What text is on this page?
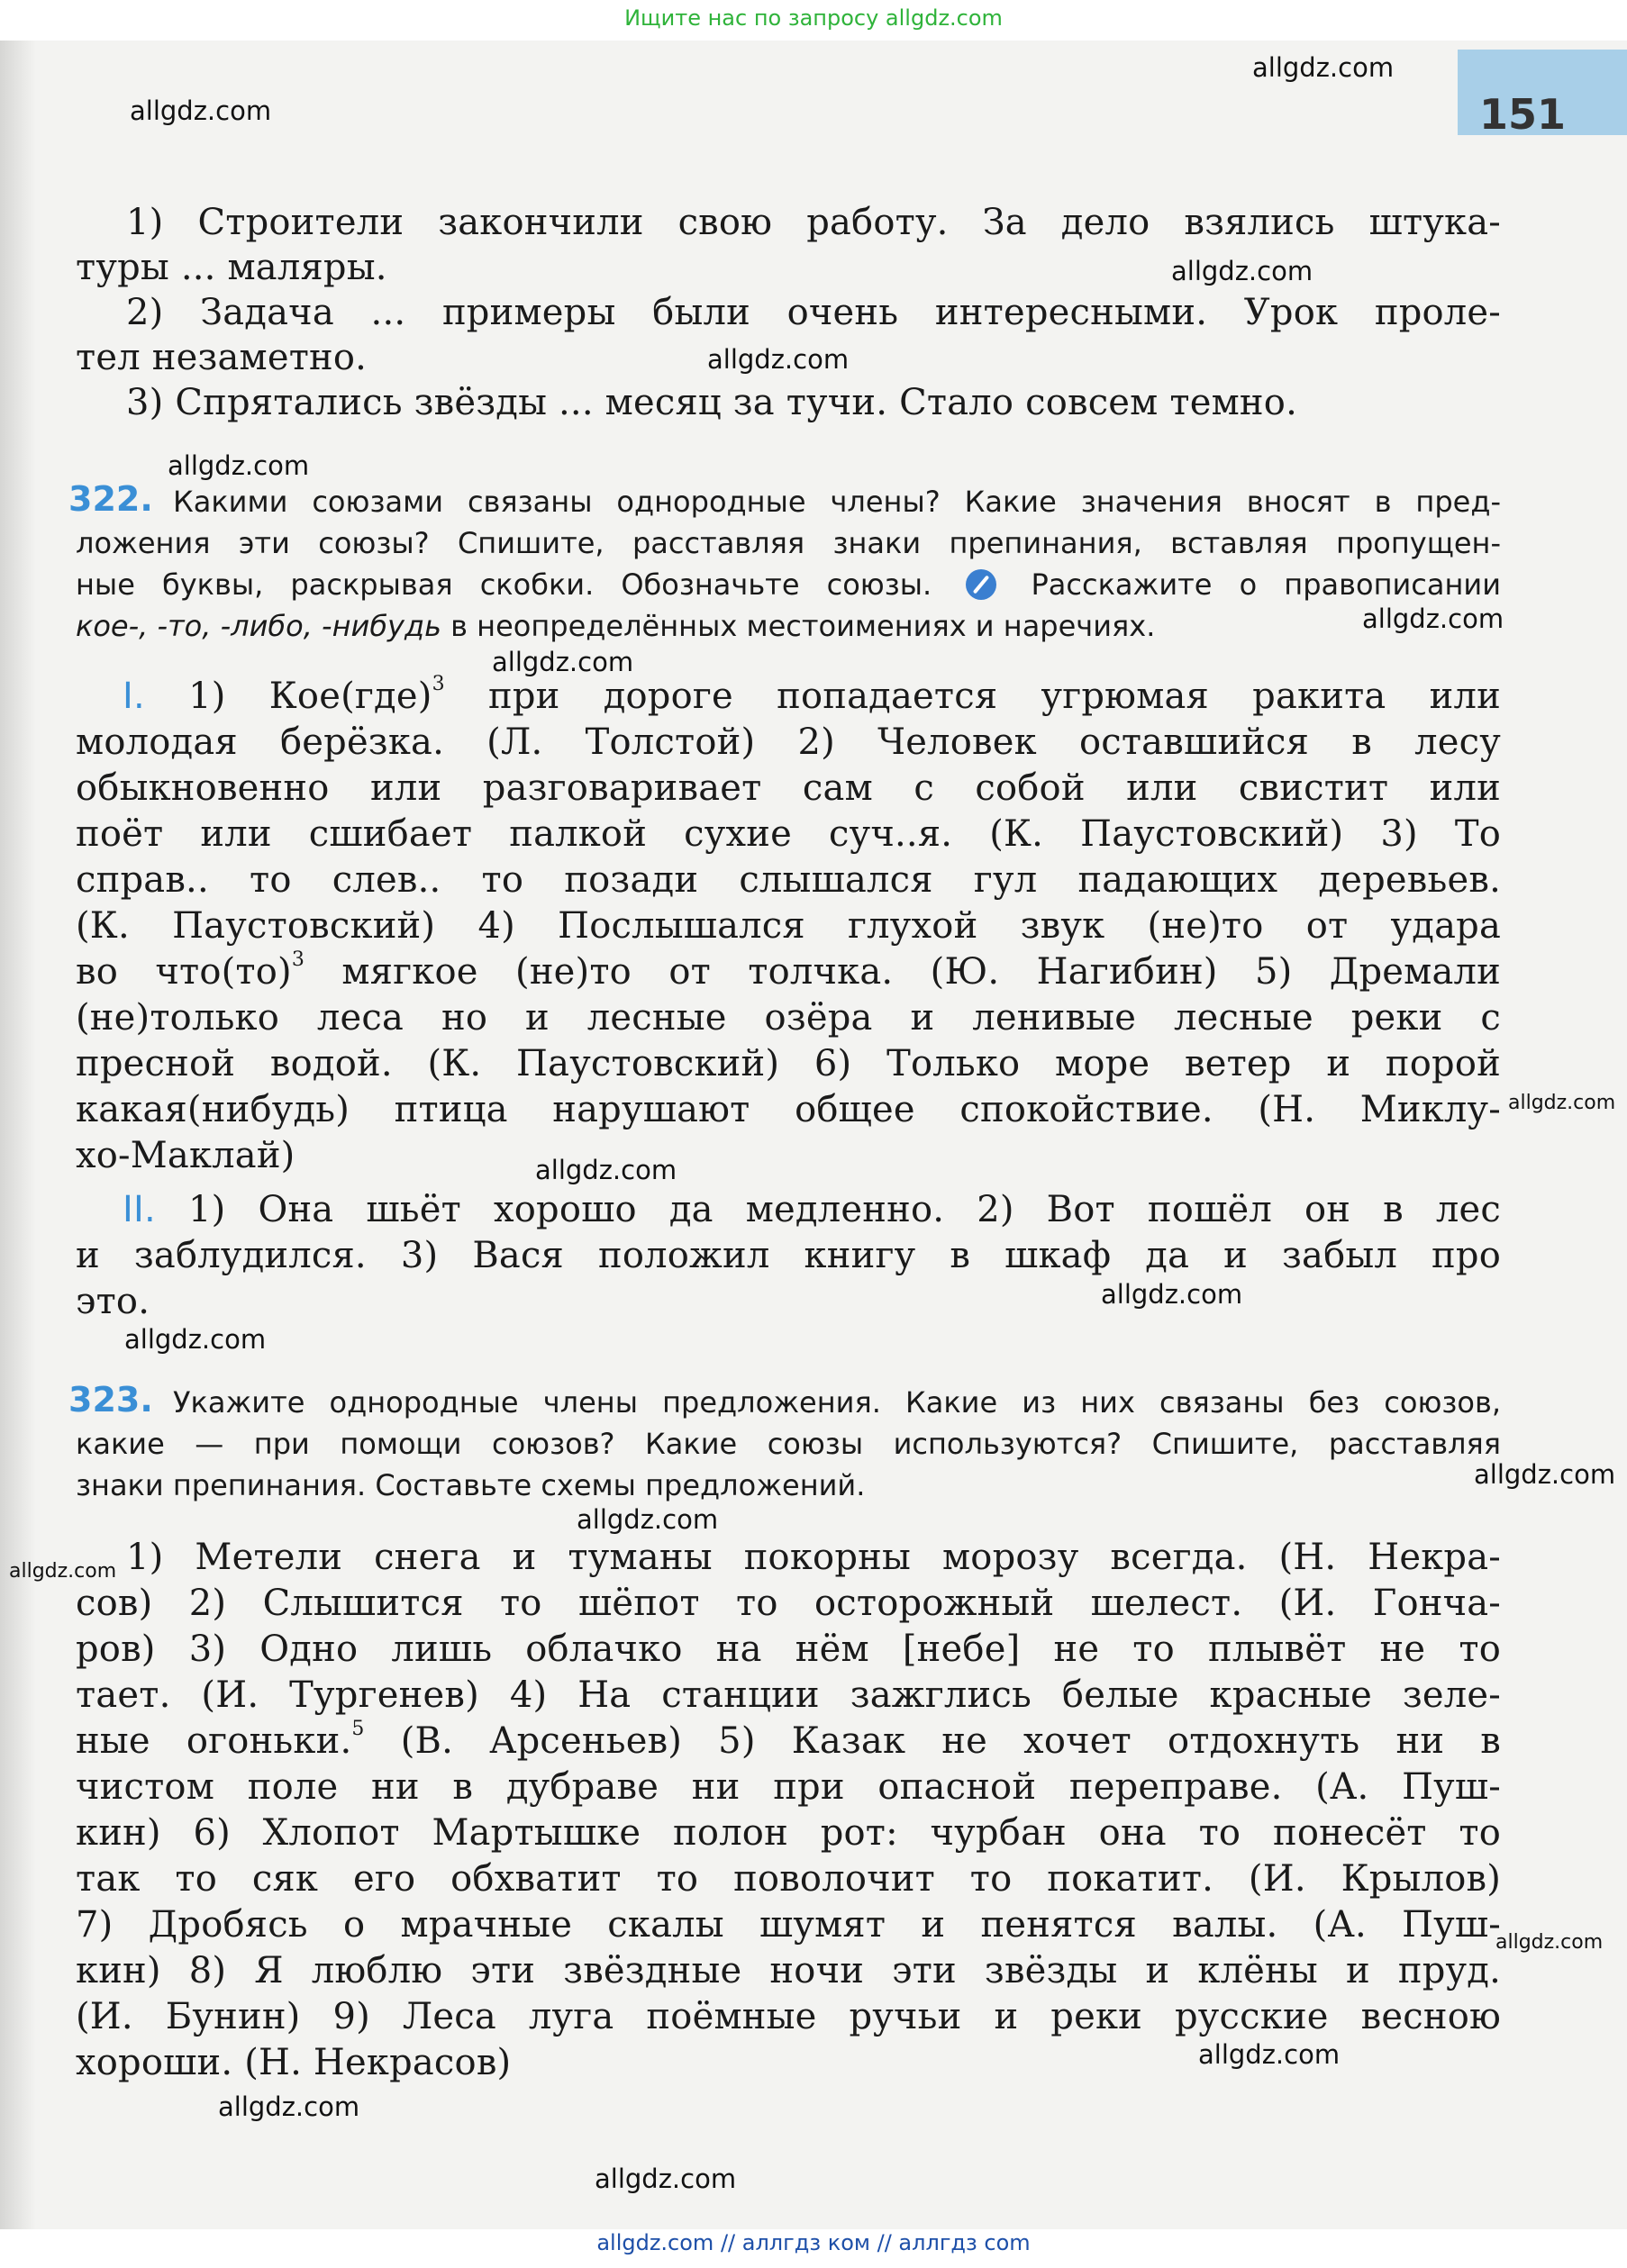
Ищите нас по запросу allgdz.com
151
allgdz.com
allgdz.com
allgdz.com
allgdz.com
allgdz.com
allgdz.com
allgdz.com
allgdz.com
allgdz.com
allgdz.com
allgdz.com
allgdz.com
allgdz.com
allgdz.com
allgdz.com
allgdz.com
allgdz.com
allgdz.com
1) Строители закончили свою работу. За дело взялись штука-
туры ... маляры.
2) Задача ... примеры были очень интересными. Урок проле-
тел незаметно.
3) Спрятались звёзды ... месяц за тучи. Стало совсем темно.
322. Какими союзами связаны однородные члены? Какие значения вносят в пред-
ложения эти союзы? Спишите, расставляя знаки препинания, вставляя пропущен-
ные буквы, раскрывая скобки. Обозначьте союзы.	Расскажите о правописании
кое-, -то, -либо, -нибудь в неопределённых местоимениях и наречиях.
I. 1) Кое(где)$^3$ при дороге попадается угрюмая ракита или
молодая берёзка. (Л. Толстой) 2) Человек оставшийся в лесу
обыкновенно или разговаривает сам с собой или свистит или
поёт или сшибает палкой сухие суч..я. (К. Паустовский) 3) То
справ.. то слев.. то позади слышался гул падающих деревьев.
(К. Паустовский) 4) Послышался глухой звук (не)то от удара
во что(то)$^3$ мягкое (не)то от толчка. (Ю. Нагибин) 5) Дремали
(не)только леса но и лесные озёра и ленивые лесные реки с
пресной водой. (К. Паустовский) 6) Только море ветер и порой
какая(нибудь) птица нарушают общее спокойствие. (Н. Миклу-
хо-Маклай)
II. 1) Она шьёт хорошо да медленно. 2) Вот пошёл он в лес
и заблудился. 3) Вася положил книгу в шкаф да и забыл про
это.
323. Укажите однородные члены предложения. Какие из них связаны без союзов,
какие — при помощи союзов? Какие союзы используются? Спишите, расставляя
знаки препинания. Составьте схемы предложений.
1) Метели снега и туманы покорны морозу всегда. (Н. Некра-
сов) 2) Слышится то шёпот то осторожный шелест. (И. Гонча-
ров) 3) Одно лишь облачко на нём [небе] не то плывёт не то
тает. (И. Тургенев) 4) На станции зажглись белые красные зеле-
ные огоньки.$^5$ (В. Арсеньев) 5) Казак не хочет отдохнуть ни в
чистом поле ни в дубраве ни при опасной переправе. (А. Пуш-
кин) 6) Хлопот Мартышке полон рот: чурбан она то понесёт то
так то сяк его обхватит то поволочит то покатит. (И. Крылов)
7) Дробясь о мрачные скалы шумят и пенятся валы. (А. Пуш-
кин) 8) Я люблю эти звёздные ночи эти звёзды и клёны и пруд.
(И. Бунин) 9) Леса луга поёмные ручьи и реки русские весною
хороши. (Н. Некрасов)
allgdz.com // аллгдз ком // аллгдз com
